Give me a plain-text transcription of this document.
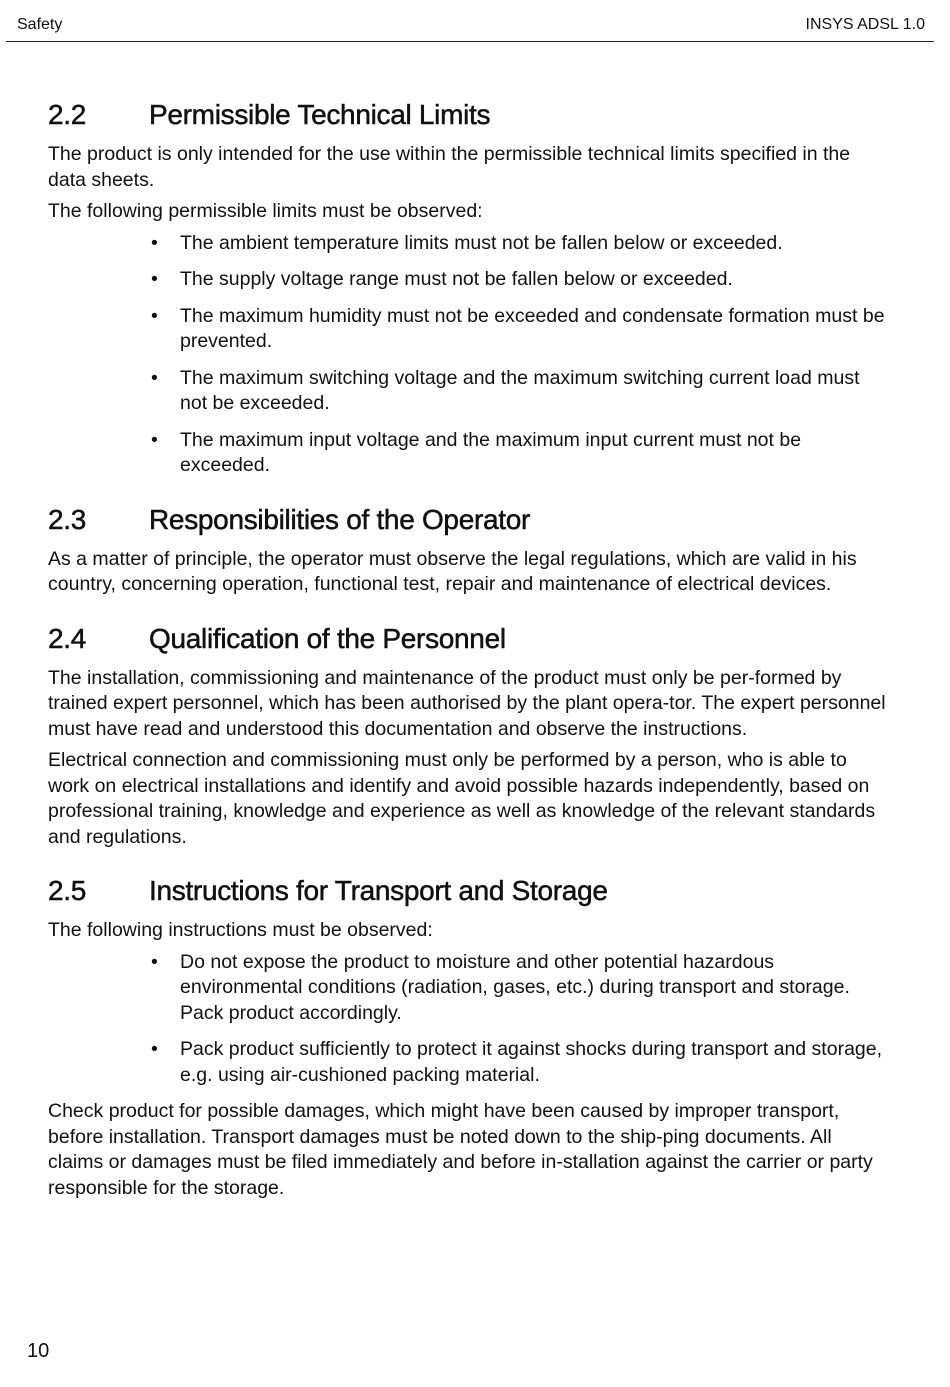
Safety	INSYS ADSL 1.0
2.2 Permissible Technical Limits

The product is only intended for the use within the permissible technical limits specified in the data sheets.

The following permissible limits must be observed:

• The ambient temperature limits must not be fallen below or exceeded.
• The supply voltage range must not be fallen below or exceeded.
• The maximum humidity must not be exceeded and condensate formation must be prevented.
• The maximum switching voltage and the maximum switching current load must not be exceeded.
• The maximum input voltage and the maximum input current must not be exceeded.
2.3 Responsibilities of the Operator

As a matter of principle, the operator must observe the legal regulations, which are valid in his country, concerning operation, functional test, repair and maintenance of electrical devices.

2.4 Qualification of the Personnel

The installation, commissioning and maintenance of the product must only be per-formed by trained expert personnel, which has been authorised by the plant opera-tor. The expert personnel must have read and understood this documentation and observe the instructions.

Electrical connection and commissioning must only be performed by a person, who is able to work on electrical installations and identify and avoid possible hazards independently, based on professional training, knowledge and experience as well as knowledge of the relevant standards and regulations.

2.5 Instructions for Transport and Storage

The following instructions must be observed:

• Do not expose the product to moisture and other potential hazardous environmental conditions (radiation, gases, etc.) during transport and storage. Pack product accordingly.
• Pack product sufficiently to protect it against shocks during transport and storage, e.g. using air-cushioned packing material.

Check product for possible damages, which might have been caused by improper transport, before installation. Transport damages must be noted down to the ship-ping documents. All claims or damages must be filed immediately and before in-stallation against the carrier or party responsible for the storage.

10
